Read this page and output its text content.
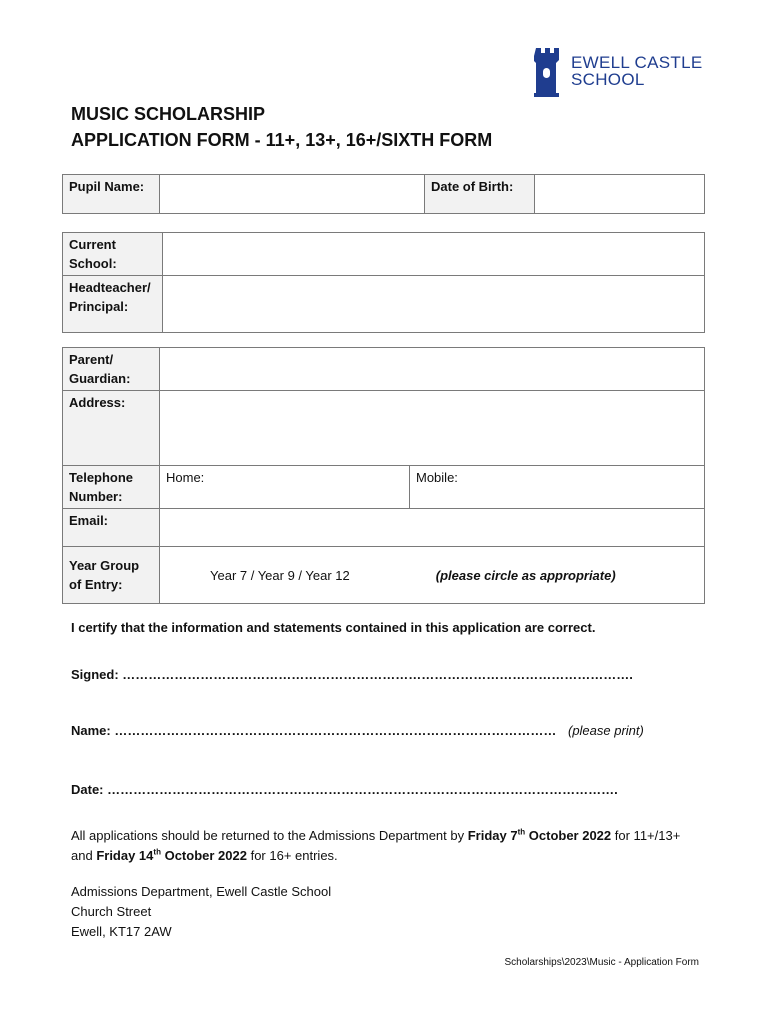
EWELL CASTLE
SCHOOL
MUSIC SCHOLARSHIP
APPLICATION FORM - 11+, 13+, 16+/SIXTH FORM
Pupil Name:		Date of Birth:	
Current School:	
Headteacher/ Principal:	
Parent/ Guardian:		
Address:		
Telephone Number:	Home:	Mobile:
Email:		
Year Group of Entry:	Year 7 / Year 9 / Year 12 (please circle as appropriate)	
I certify that the information and statements contained in this application are correct.
Signed: ……………………………………………………………………………………………………….
Name: ………………………………………………………………………………………… (please print)
Date: ……………………………………………………………………………………………………….
All applications should be returned to the Admissions Department by Friday 7th October 2022 for 11+/13+ and Friday 14th October 2022 for 16+ entries.
Admissions Department, Ewell Castle School
Church Street
Ewell, KT17 2AW
Scholarships\2023\Music - Application Form
